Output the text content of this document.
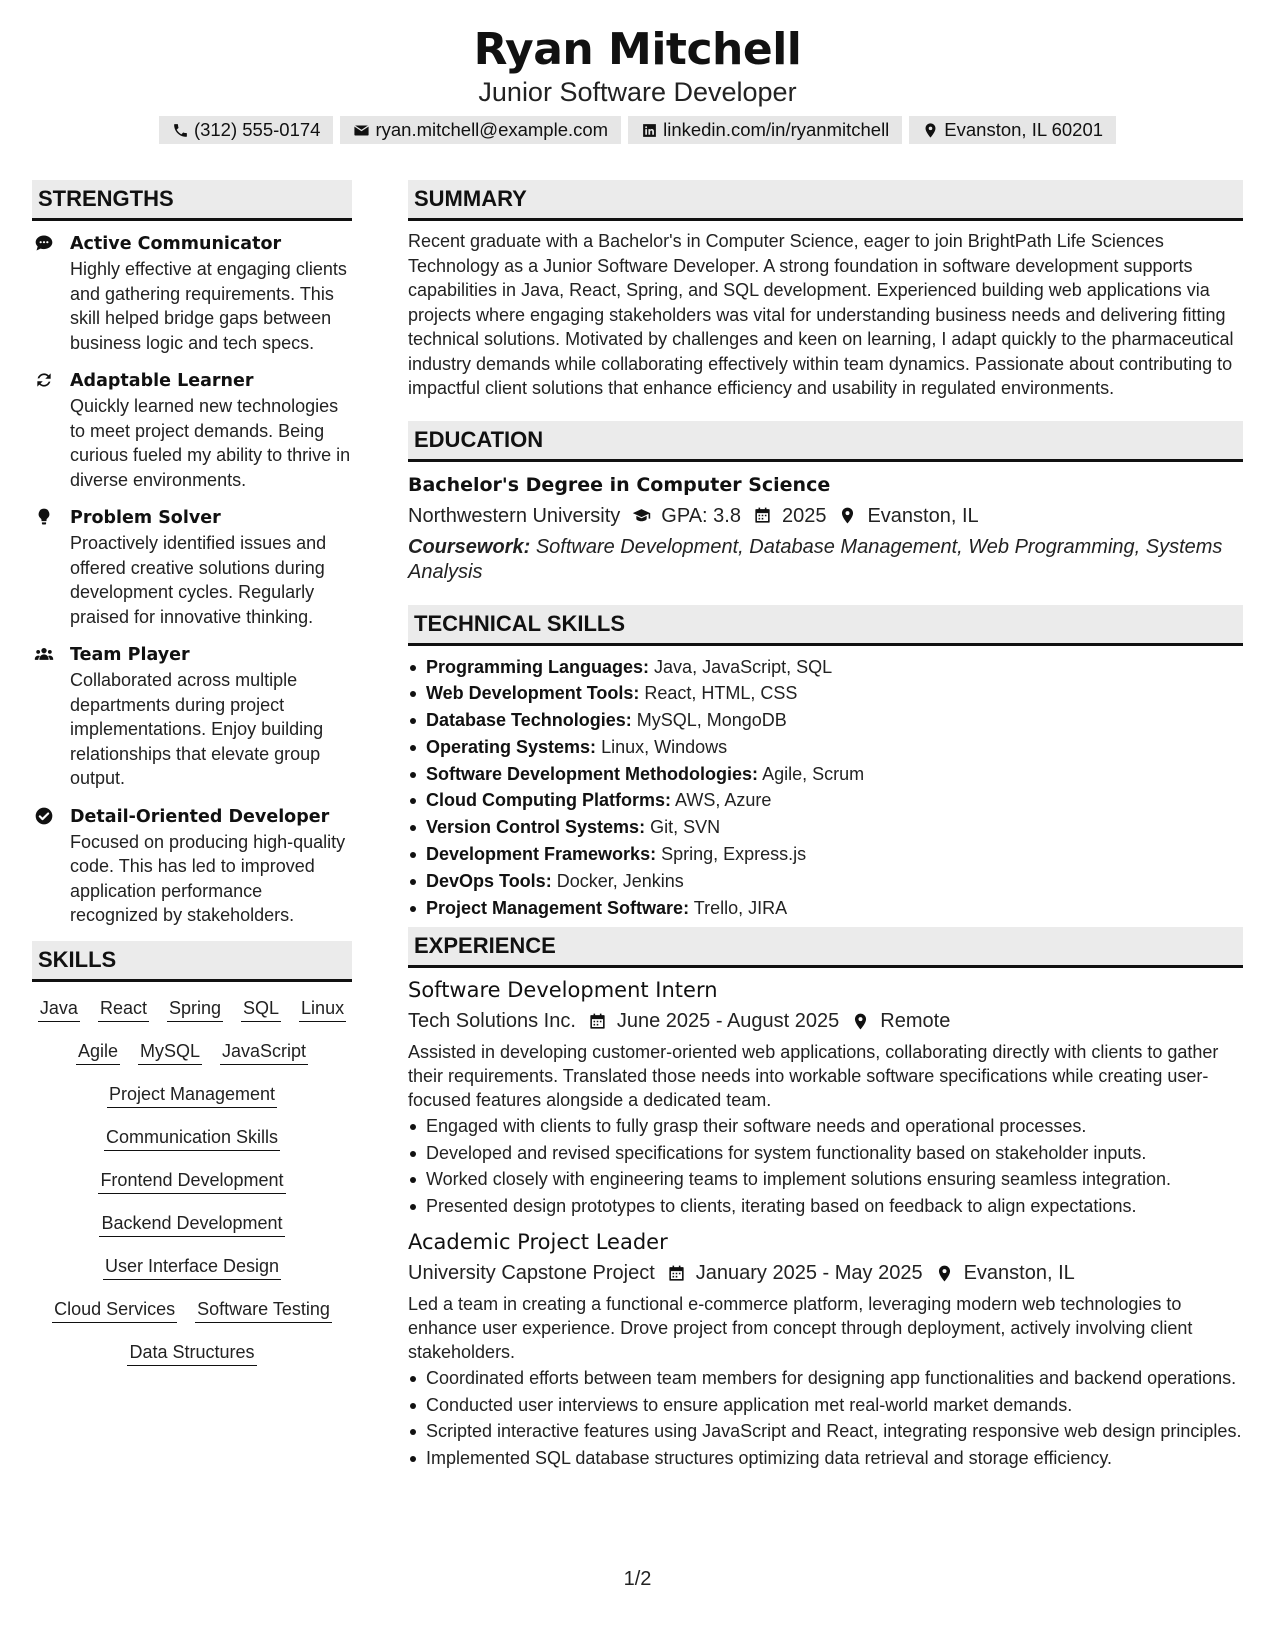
Ryan Mitchell
Junior Software Developer
(312) 555-0174	ryan.mitchell@example.com	linkedin.com/in/ryanmitchell	Evanston, IL 60201
STRENGTHS
Active Communicator
Highly effective at engaging clients and gathering requirements. This skill helped bridge gaps between business logic and tech specs.
Adaptable Learner
Quickly learned new technologies to meet project demands. Being curious fueled my ability to thrive in diverse environments.
Problem Solver
Proactively identified issues and offered creative solutions during development cycles. Regularly praised for innovative thinking.
Team Player
Collaborated across multiple departments during project implementations. Enjoy building relationships that elevate group output.
Detail-Oriented Developer
Focused on producing high-quality code. This has led to improved application performance recognized by stakeholders.
SKILLS
Java React Spring SQL Linux
Agile MySQL JavaScript
Project Management
Communication Skills
Frontend Development
Backend Development
User Interface Design
Cloud Services Software Testing
Data Structures
SUMMARY
Recent graduate with a Bachelor's in Computer Science, eager to join BrightPath Life Sciences Technology as a Junior Software Developer. A strong foundation in software development supports capabilities in Java, React, Spring, and SQL development. Experienced building web applications via projects where engaging stakeholders was vital for understanding business needs and delivering fitting technical solutions. Motivated by challenges and keen on learning, I adapt quickly to the pharmaceutical industry demands while collaborating effectively within team dynamics. Passionate about contributing to impactful client solutions that enhance efficiency and usability in regulated environments.
EDUCATION
Bachelor's Degree in Computer Science
Northwestern University GPA: 3.8 2025 Evanston, IL
Coursework: Software Development, Database Management, Web Programming, Systems Analysis
TECHNICAL SKILLS
Programming Languages: Java, JavaScript, SQL
Web Development Tools: React, HTML, CSS
Database Technologies: MySQL, MongoDB
Operating Systems: Linux, Windows
Software Development Methodologies: Agile, Scrum
Cloud Computing Platforms: AWS, Azure
Version Control Systems: Git, SVN
Development Frameworks: Spring, Express.js
DevOps Tools: Docker, Jenkins
Project Management Software: Trello, JIRA
EXPERIENCE
Software Development Intern
Tech Solutions Inc. June 2025 - August 2025 Remote
Assisted in developing customer-oriented web applications, collaborating directly with clients to gather their requirements. Translated those needs into workable software specifications while creating user-focused features alongside a dedicated team.
Engaged with clients to fully grasp their software needs and operational processes.
Developed and revised specifications for system functionality based on stakeholder inputs.
Worked closely with engineering teams to implement solutions ensuring seamless integration.
Presented design prototypes to clients, iterating based on feedback to align expectations.
Academic Project Leader
University Capstone Project January 2025 - May 2025 Evanston, IL
Led a team in creating a functional e-commerce platform, leveraging modern web technologies to enhance user experience. Drove project from concept through deployment, actively involving client stakeholders.
Coordinated efforts between team members for designing app functionalities and backend operations.
Conducted user interviews to ensure application met real-world market demands.
Scripted interactive features using JavaScript and React, integrating responsive web design principles.
Implemented SQL database structures optimizing data retrieval and storage efficiency.
1/2
